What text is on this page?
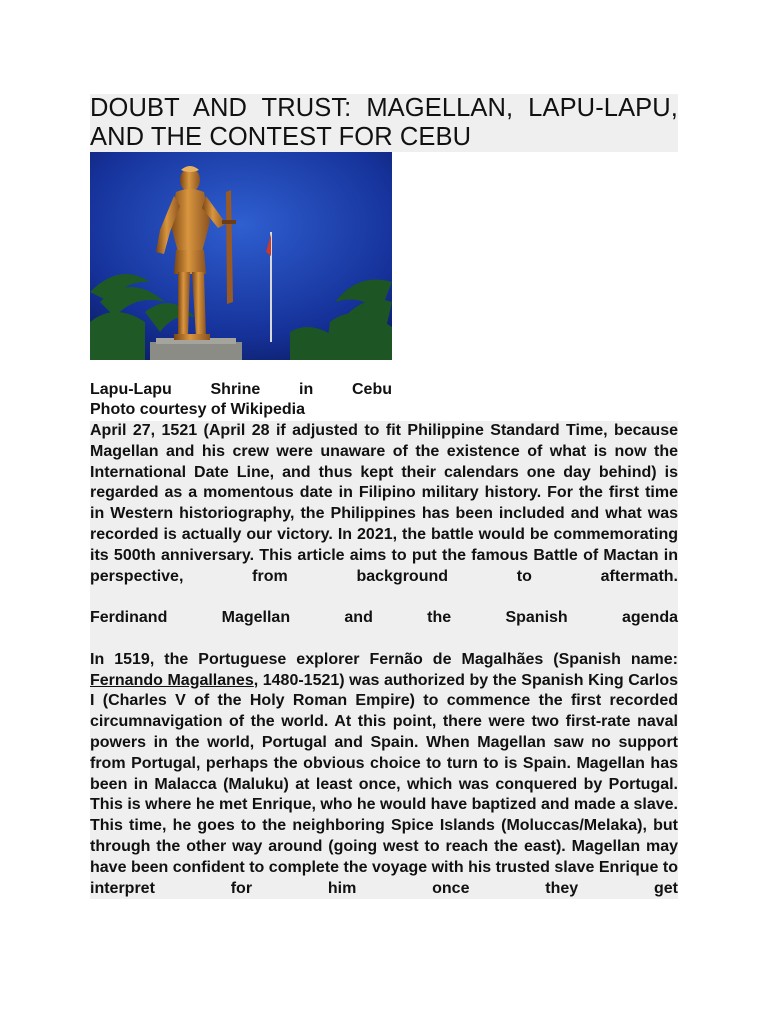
DOUBT AND TRUST: MAGELLAN, LAPU-LAPU,
AND THE CONTEST FOR CEBU
Lapu-Lapu Shrine in Cebu
Photo courtesy of Wikipedia

April 27, 1521 (April 28 if adjusted to fit Philippine Standard Time, because Magellan and his crew were unaware of the existence of what is now the International Date Line, and thus kept their calendars one day behind) is regarded as a momentous date in Filipino military history. For the first time in Western historiography, the Philippines has been included and what was recorded is actually our victory. In 2021, the battle would be commemorating its 500th anniversary. This article aims to put the famous Battle of Mactan in perspective, from background to aftermath.

Ferdinand	Magellan	and	the	Spanish	agenda

In 1519, the Portuguese explorer Fernão de Magalhães (Spanish name: Fernando Magallanes, 1480-1521) was authorized by the Spanish King Carlos I (Charles V of the Holy Roman Empire) to commence the first recorded circumnavigation of the world. At this point, there were two first-rate naval powers in the world, Portugal and Spain. When Magellan saw no support from Portugal, perhaps the obvious choice to turn to is Spain. Magellan has been in Malacca (Maluku) at least once, which was conquered by Portugal. This is where he met Enrique, who he would have baptized and made a slave. This time, he goes to the neighboring Spice Islands (Moluccas/Melaka), but through the other way around (going west to reach the east). Magellan may have been confident to complete the voyage with his trusted slave Enrique to interpret for him once they get
